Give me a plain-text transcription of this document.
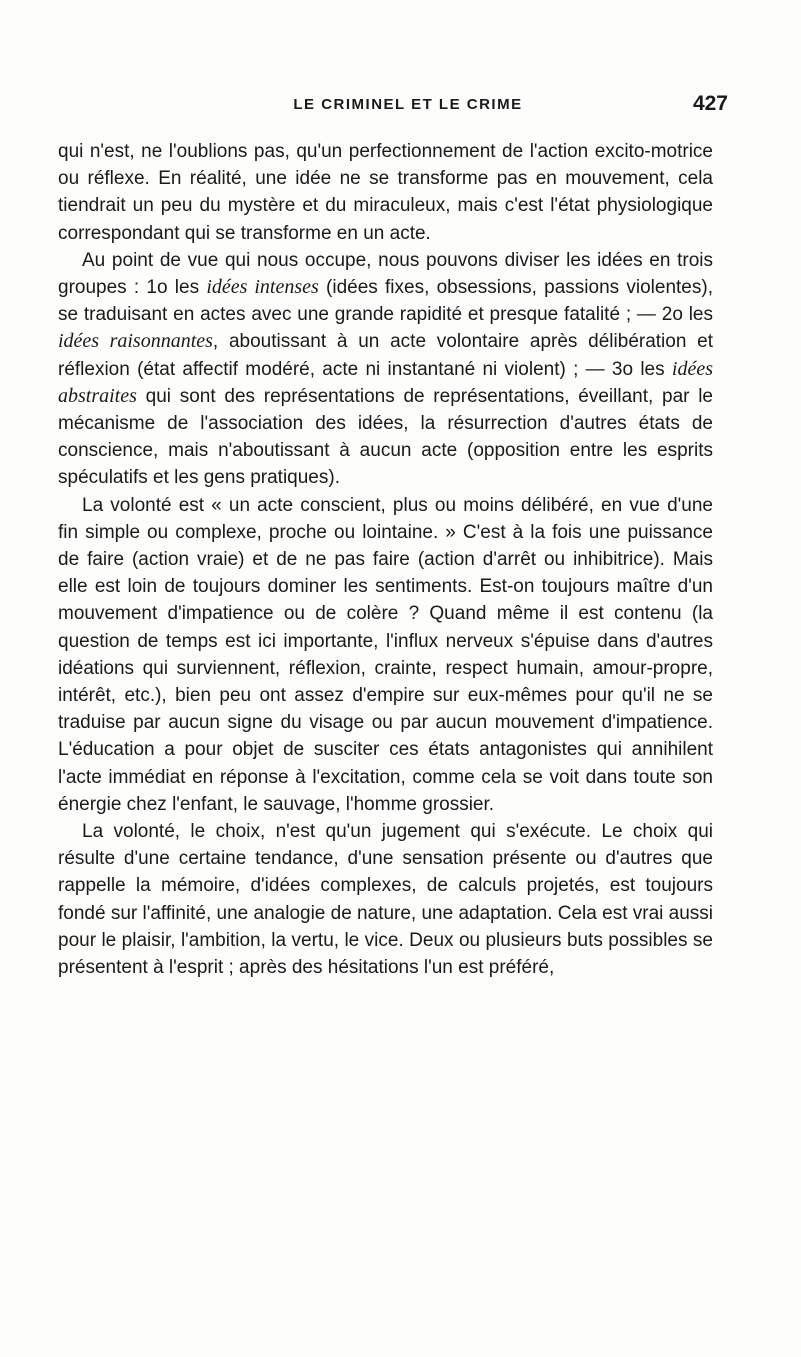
LE CRIMINEL ET LE CRIME	427

qui n'est, ne l'oublions pas, qu'un perfectionnement de l'action excito-motrice ou réflexe. En réalité, une idée ne se transforme pas en mouvement, cela tiendrait un peu du mystère et du miraculeux, mais c'est l'état physiologique correspondant qui se transforme en un acte.

Au point de vue qui nous occupe, nous pouvons diviser les idées en trois groupes : 1o les idées intenses (idées fixes, obsessions, passions violentes), se traduisant en actes avec une grande rapidité et presque fatalité ; — 2o les idées raisonnantes, aboutissant à un acte volontaire après délibération et réflexion (état affectif modéré, acte ni instantané ni violent) ; — 3o les idées abstraites qui sont des représentations de représentations, éveillant, par le mécanisme de l'association des idées, la résurrection d'autres états de conscience, mais n'aboutissant à aucun acte (opposition entre les esprits spéculatifs et les gens pratiques).

La volonté est « un acte conscient, plus ou moins délibéré, en vue d'une fin simple ou complexe, proche ou lointaine. » C'est à la fois une puissance de faire (action vraie) et de ne pas faire (action d'arrêt ou inhibitrice). Mais elle est loin de toujours dominer les sentiments. Est-on toujours maître d'un mouvement d'impatience ou de colère ? Quand même il est contenu (la question de temps est ici importante, l'influx nerveux s'épuise dans d'autres idéations qui surviennent, réflexion, crainte, respect humain, amour-propre, intérêt, etc.), bien peu ont assez d'empire sur eux-mêmes pour qu'il ne se traduise par aucun signe du visage ou par aucun mouvement d'impatience. L'éducation a pour objet de susciter ces états antagonistes qui annihilent l'acte immédiat en réponse à l'excitation, comme cela se voit dans toute son énergie chez l'enfant, le sauvage, l'homme grossier.

La volonté, le choix, n'est qu'un jugement qui s'exécute. Le choix qui résulte d'une certaine tendance, d'une sensation présente ou d'autres que rappelle la mémoire, d'idées complexes, de calculs projetés, est toujours fondé sur l'affinité, une analogie de nature, une adaptation. Cela est vrai aussi pour le plaisir, l'ambition, la vertu, le vice. Deux ou plusieurs buts possibles se présentent à l'esprit ; après des hésitations l'un est préféré,
